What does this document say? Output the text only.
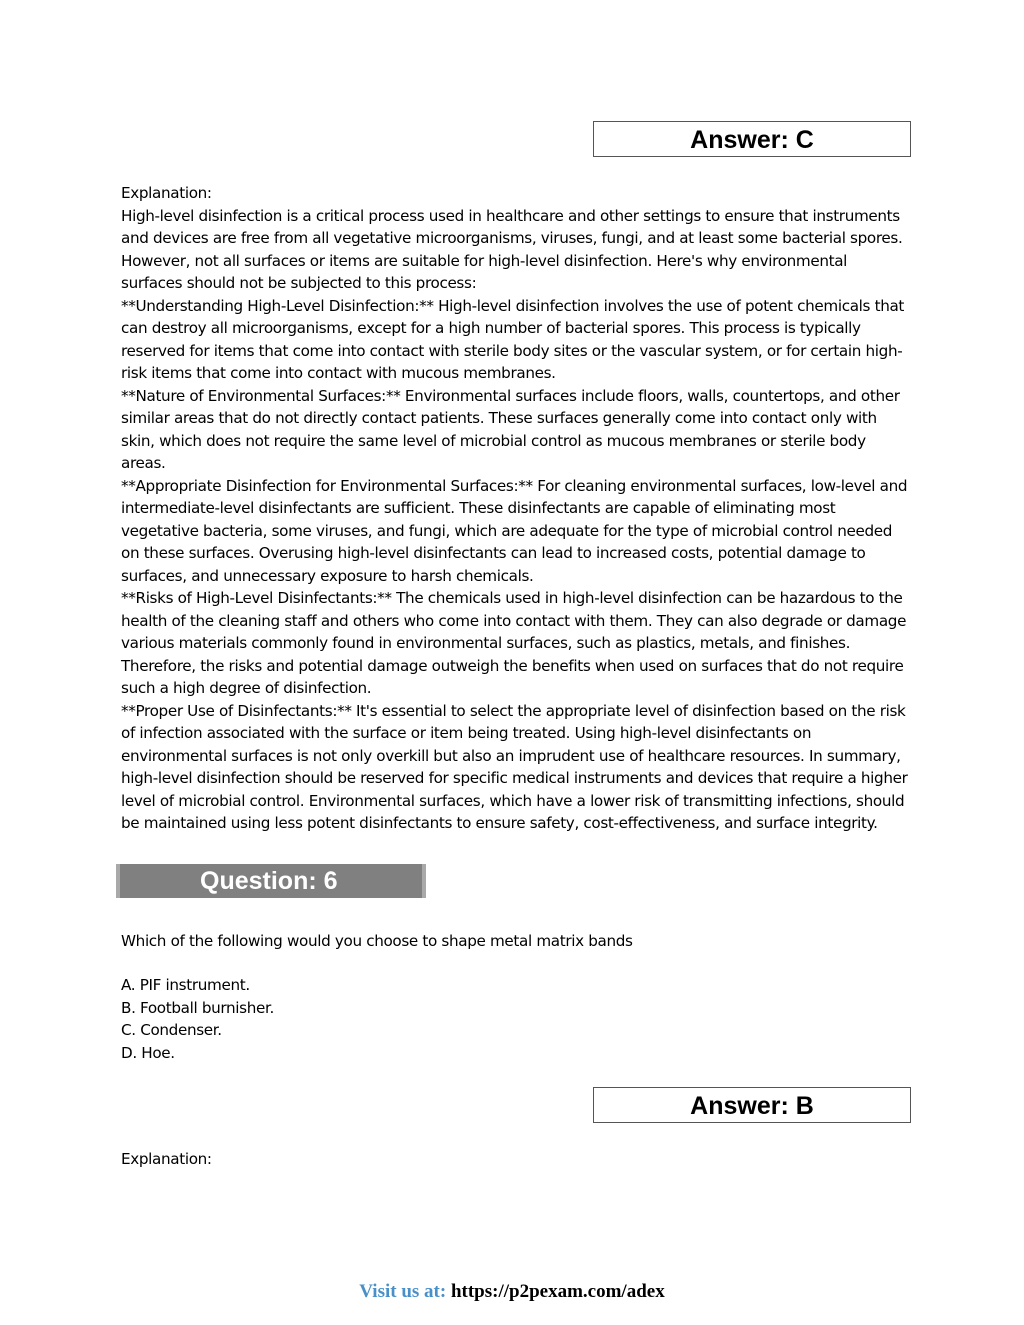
Answer: C

Explanation:

High-level disinfection is a critical process used in healthcare and other settings to ensure that instruments and devices are free from all vegetative microorganisms, viruses, fungi, and at least some bacterial spores. However, not all surfaces or items are suitable for high-level disinfection. Here's why environmental surfaces should not be subjected to this process:

**Understanding High-Level Disinfection:** High-level disinfection involves the use of potent chemicals that can destroy all microorganisms, except for a high number of bacterial spores. This process is typically reserved for items that come into contact with sterile body sites or the vascular system, or for certain high-risk items that come into contact with mucous membranes.

**Nature of Environmental Surfaces:** Environmental surfaces include floors, walls, countertops, and other similar areas that do not directly contact patients. These surfaces generally come into contact only with skin, which does not require the same level of microbial control as mucous membranes or sterile body areas.

**Appropriate Disinfection for Environmental Surfaces:** For cleaning environmental surfaces, low-level and intermediate-level disinfectants are sufficient. These disinfectants are capable of eliminating most vegetative bacteria, some viruses, and fungi, which are adequate for the type of microbial control needed on these surfaces. Overusing high-level disinfectants can lead to increased costs, potential damage to surfaces, and unnecessary exposure to harsh chemicals.

**Risks of High-Level Disinfectants:** The chemicals used in high-level disinfection can be hazardous to the health of the cleaning staff and others who come into contact with them. They can also degrade or damage various materials commonly found in environmental surfaces, such as plastics, metals, and finishes. Therefore, the risks and potential damage outweigh the benefits when used on surfaces that do not require such a high degree of disinfection.

**Proper Use of Disinfectants:** It's essential to select the appropriate level of disinfection based on the risk of infection associated with the surface or item being treated. Using high-level disinfectants on environmental surfaces is not only overkill but also an imprudent use of healthcare resources. In summary, high-level disinfection should be reserved for specific medical instruments and devices that require a higher level of microbial control. Environmental surfaces, which have a lower risk of transmitting infections, should be maintained using less potent disinfectants to ensure safety, cost-effectiveness, and surface integrity.

Question: 6

Which of the following would you choose to shape metal matrix bands

A. PIF instrument.

B. Football burnisher.

C. Condenser.

D. Hoe.

Answer: B

Explanation:

Visit us at: https://p2pexam.com/adex
